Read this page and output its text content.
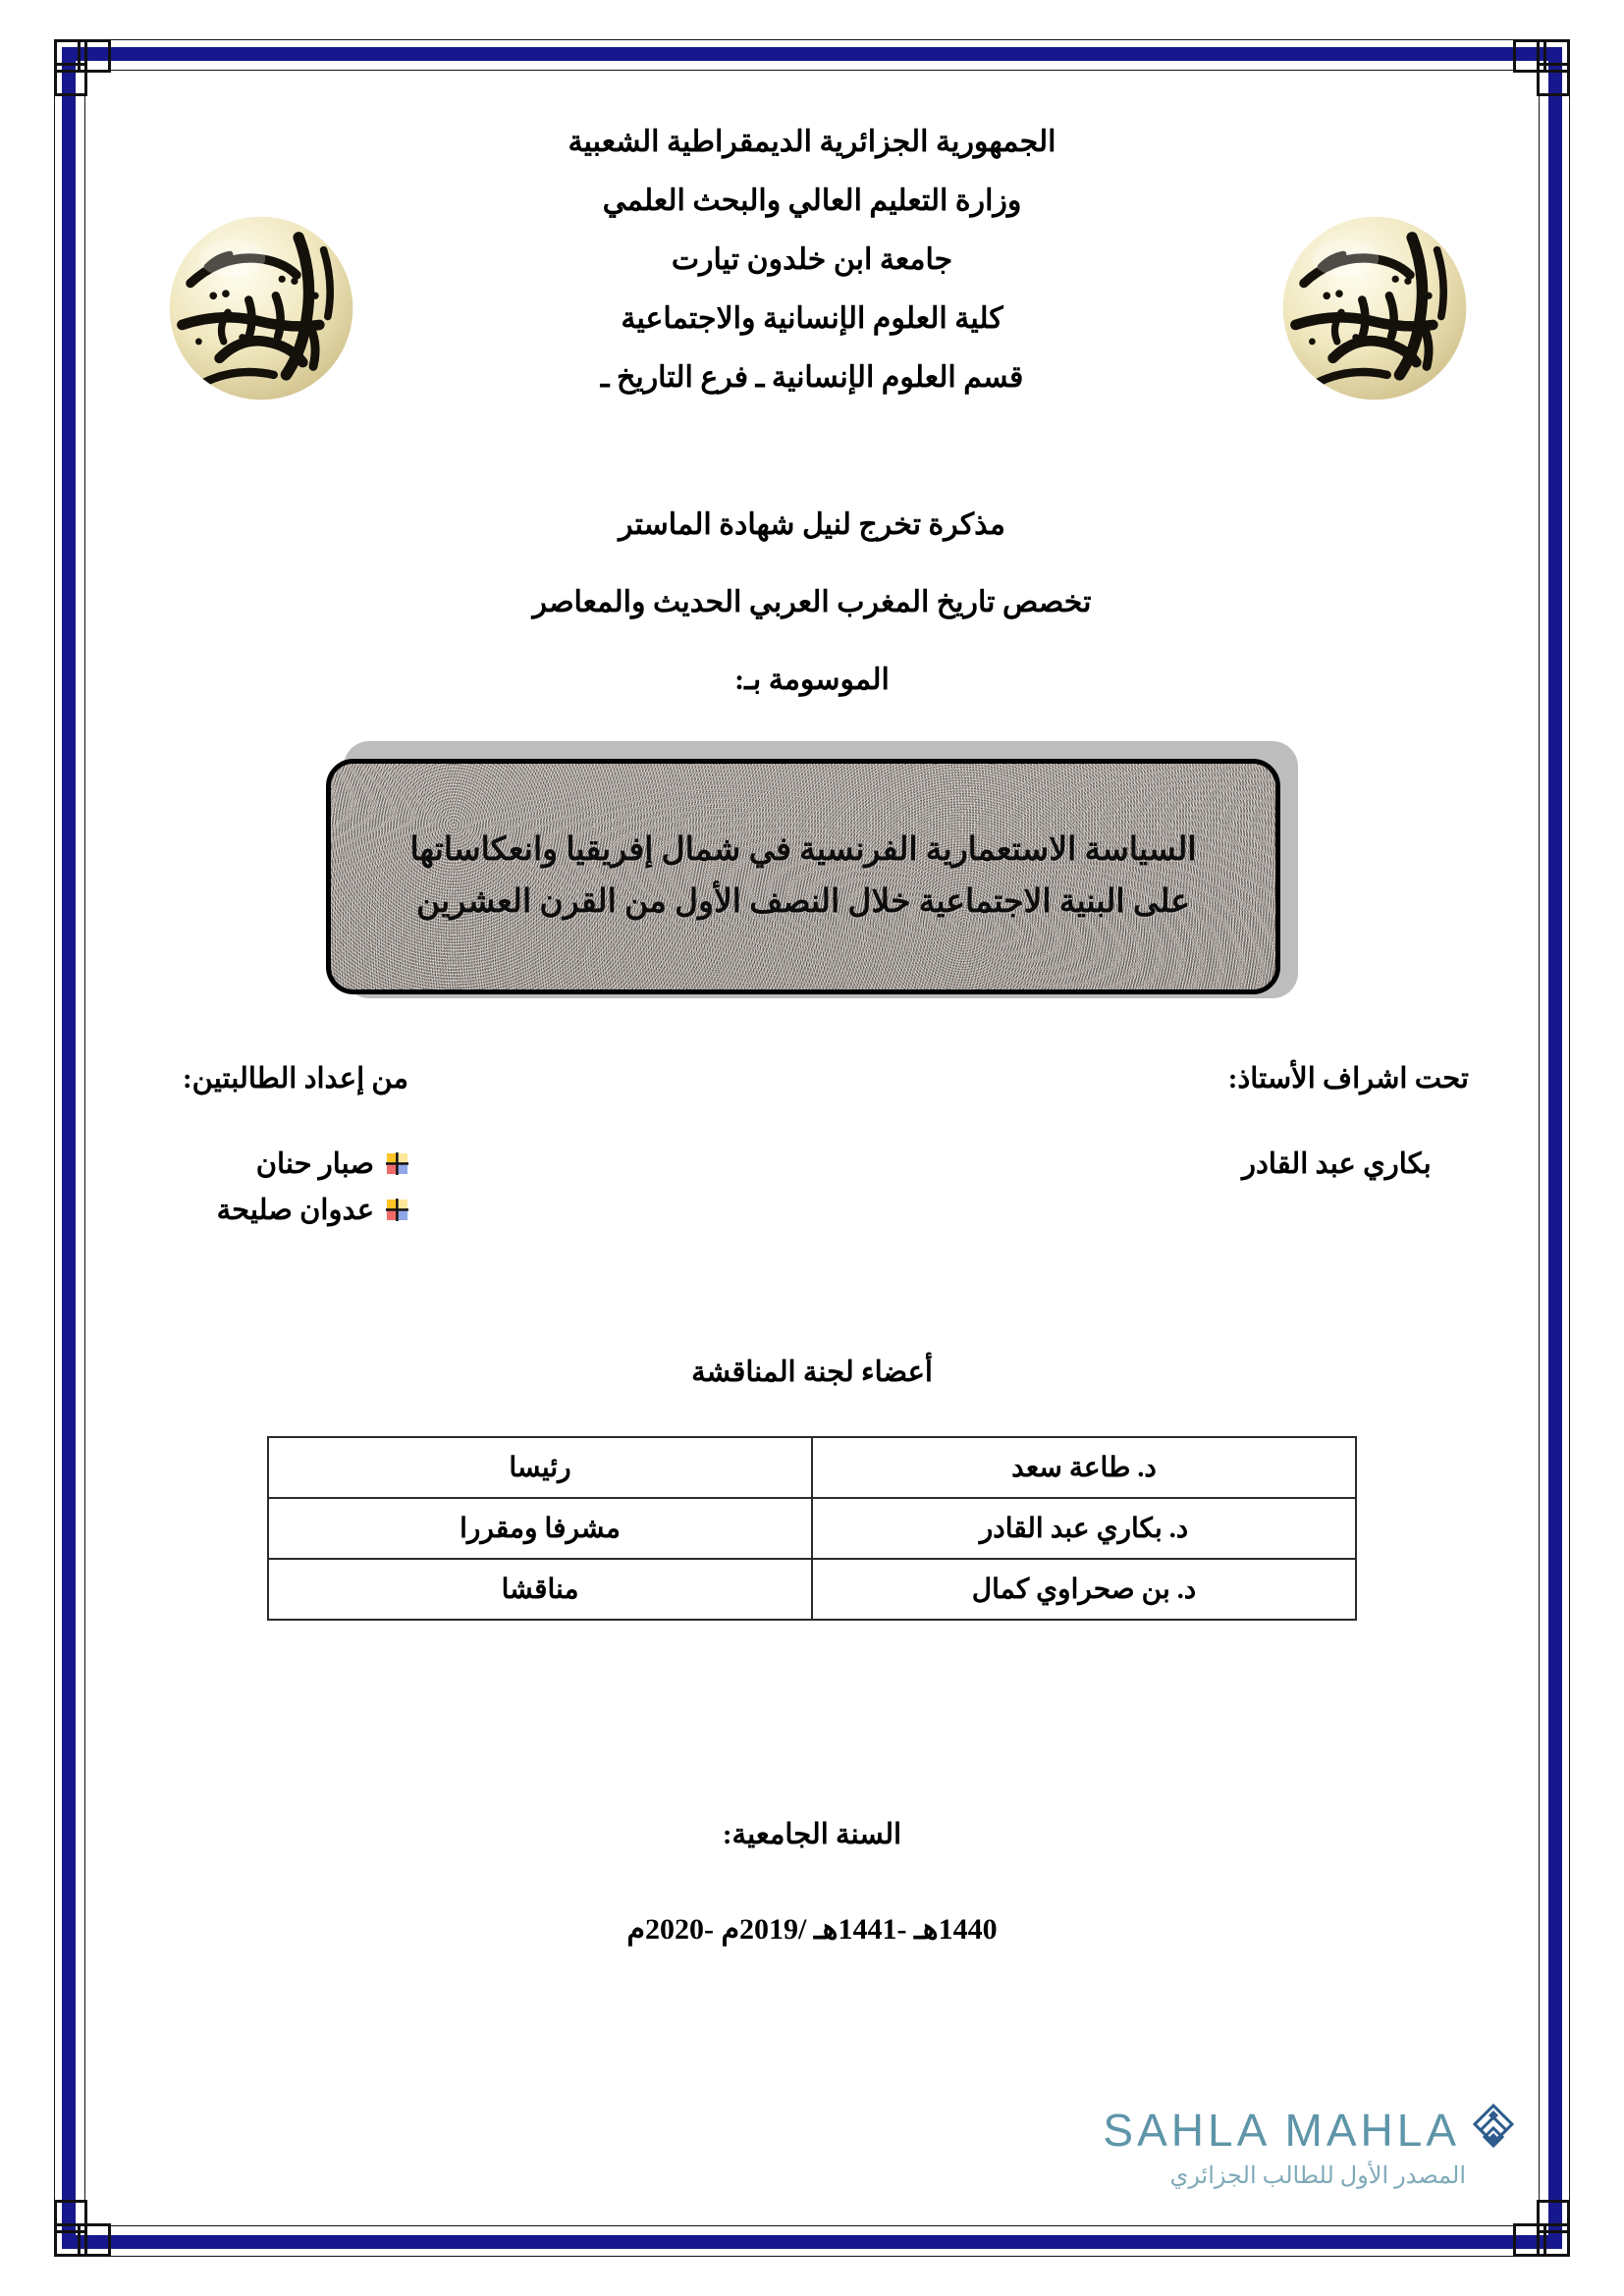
الجمهورية الجزائرية الديمقراطية الشعبية
وزارة التعليم العالي والبحث العلمي
جامعة ابن خلدون تيارت
كلية العلوم الإنسانية والاجتماعية
قسم العلوم الإنسانية ـ فرع التاريخ ـ
مذكرة تخرج لنيل شهادة الماستر
تخصص تاريخ المغرب العربي الحديث والمعاصر
الموسومة بـ:
السياسة الاستعمارية الفرنسية في شمال إفريقيا وانعكاساتها على البنية الاجتماعية خلال النصف الأول من القرن العشرين
تحت اشراف الأستاذ:
بكاري عبد القادر
من إعداد الطالبتين:
صبار حنان
عدوان صليحة
أعضاء لجنة المناقشة
د. طاعة سعد	رئيسا
د. بكاري عبد القادر	مشرفا ومقررا
د. بن صحراوي كمال	مناقشا
السنة الجامعية:
1440هـ -1441هـ /2019م -2020م
SAHLA MAHLA
المصدر الأول للطالب الجزائري
